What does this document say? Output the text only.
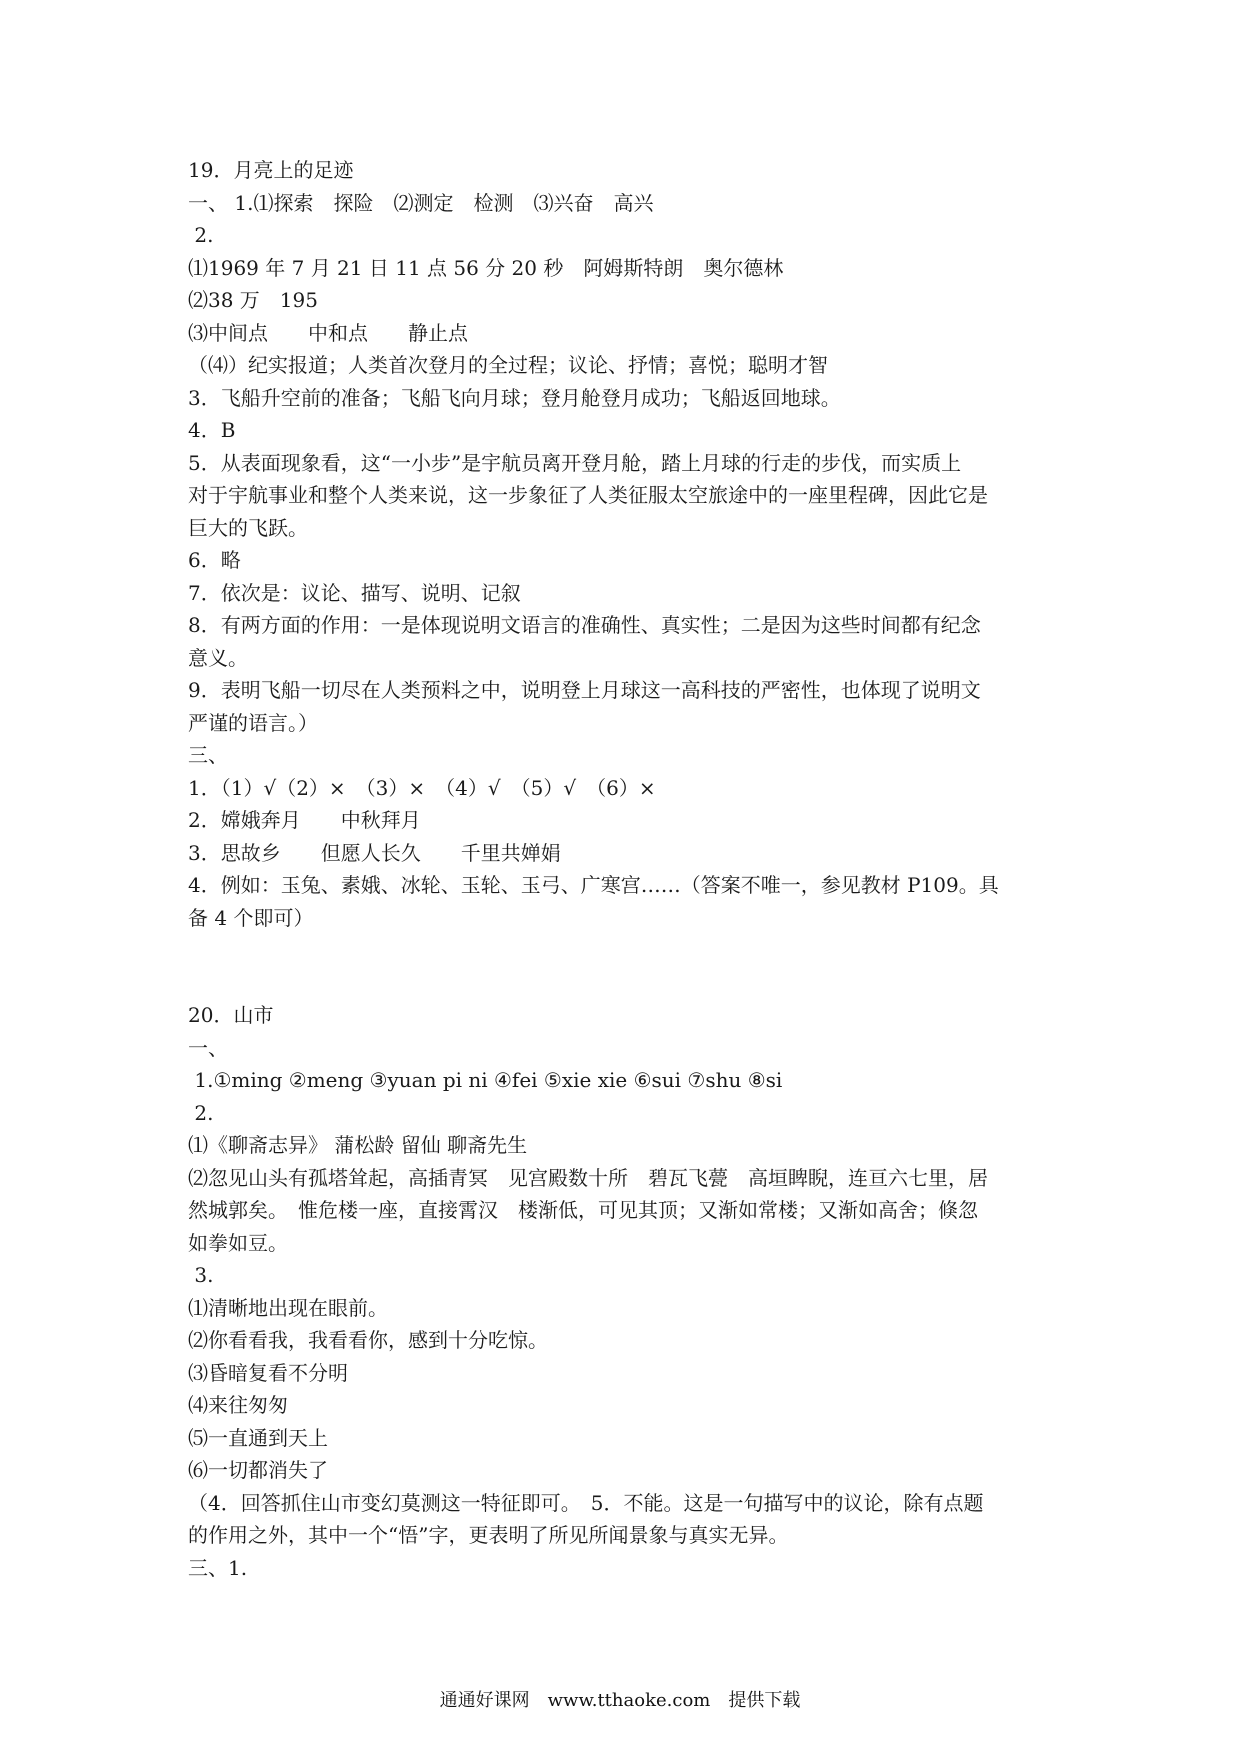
19．月亮上的足迹

一、 1.⑴探索　探险　⑵测定　检测　⑶兴奋　高兴

2.

⑴1969 年 7 月 21 日 11 点 56 分 20 秒　阿姆斯特朗　奥尔德林

⑵38 万　195

⑶中间点　　中和点　　静止点

（⑷）纪实报道；人类首次登月的全过程；议论、抒情；喜悦；聪明才智

3．飞船升空前的准备；飞船飞向月球；登月舱登月成功；飞船返回地球。

4．B

5．从表面现象看，这“一小步”是宇航员离开登月舱，踏上月球的行走的步伐，而实质上

对于宇航事业和整个人类来说，这一步象征了人类征服太空旅途中的一座里程碑，因此它是

巨大的飞跃。

6．略

7．依次是：议论、描写、说明、记叙

8．有两方面的作用：一是体现说明文语言的准确性、真实性；二是因为这些时间都有纪念

意义。

9．表明飞船一切尽在人类预料之中，说明登上月球这一高科技的严密性，也体现了说明文

严谨的语言。）

三、

1．（1）√（2）×　（3）×　（4）√　（5）√　（6）×

2．嫦娥奔月　　中秋拜月

3．思故乡　　但愿人长久　　千里共婵娟

4．例如：玉兔、素娥、冰轮、玉轮、玉弓、广寒宫……（答案不唯一，参见教材 P109。具

备 4 个即可）

20．山市

一、

1.①ming ②meng ③yuan pi ni ④fei ⑤xie xie ⑥sui ⑦shu ⑧si

2.

⑴《聊斋志异》 蒲松龄 留仙 聊斋先生

⑵忽见山头有孤塔耸起，高插青冥　见宫殿数十所　碧瓦飞甍　高垣睥睨，连亘六七里，居

然城郭矣。　惟危楼一座，直接霄汉　楼渐低，可见其顶；又渐如常楼；又渐如高舍；倏忽

如拳如豆。

3.

⑴清晰地出现在眼前。

⑵你看看我，我看看你，感到十分吃惊。

⑶昏暗复看不分明

⑷来往匆匆

⑸一直通到天上

⑹一切都消失了

（4．回答抓住山市变幻莫测这一特征即可。　5．不能。这是一句描写中的议论，除有点题

的作用之外，其中一个“悟”字，更表明了所见所闻景象与真实无异。

三、1.

通通好课网　www.tthaoke.com　提供下载
